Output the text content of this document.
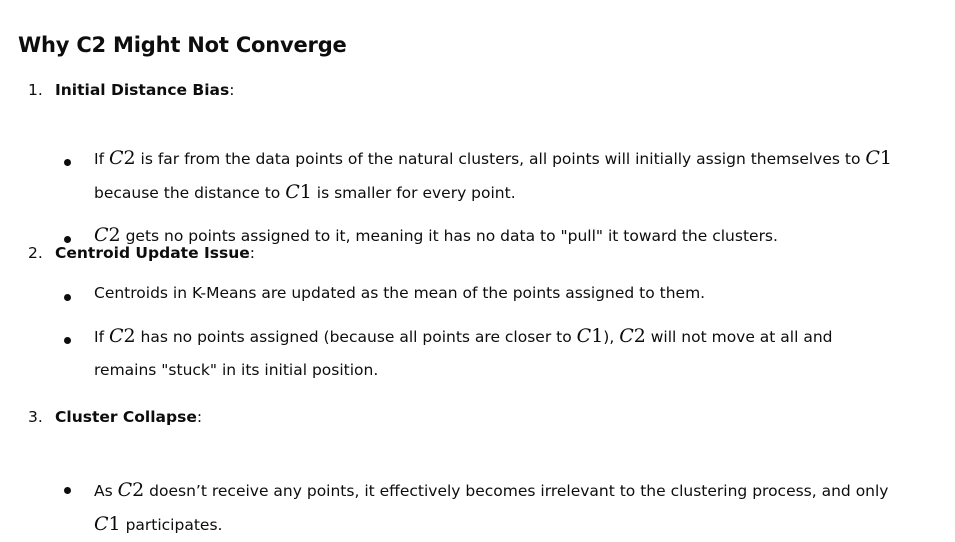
Why C2 Might Not Converge
1. Initial Distance Bias:
If C2 is far from the data points of the natural clusters, all points will initially assign themselves to C1 because the distance to C1 is smaller for every point.
C2 gets no points assigned to it, meaning it has no data to "pull" it toward the clusters.
2. Centroid Update Issue:
Centroids in K-Means are updated as the mean of the points assigned to them.
If C2 has no points assigned (because all points are closer to C1), C2 will not move at all and remains "stuck" in its initial position.
3. Cluster Collapse:
As C2 doesn’t receive any points, it effectively becomes irrelevant to the clustering process, and only C1 participates.
